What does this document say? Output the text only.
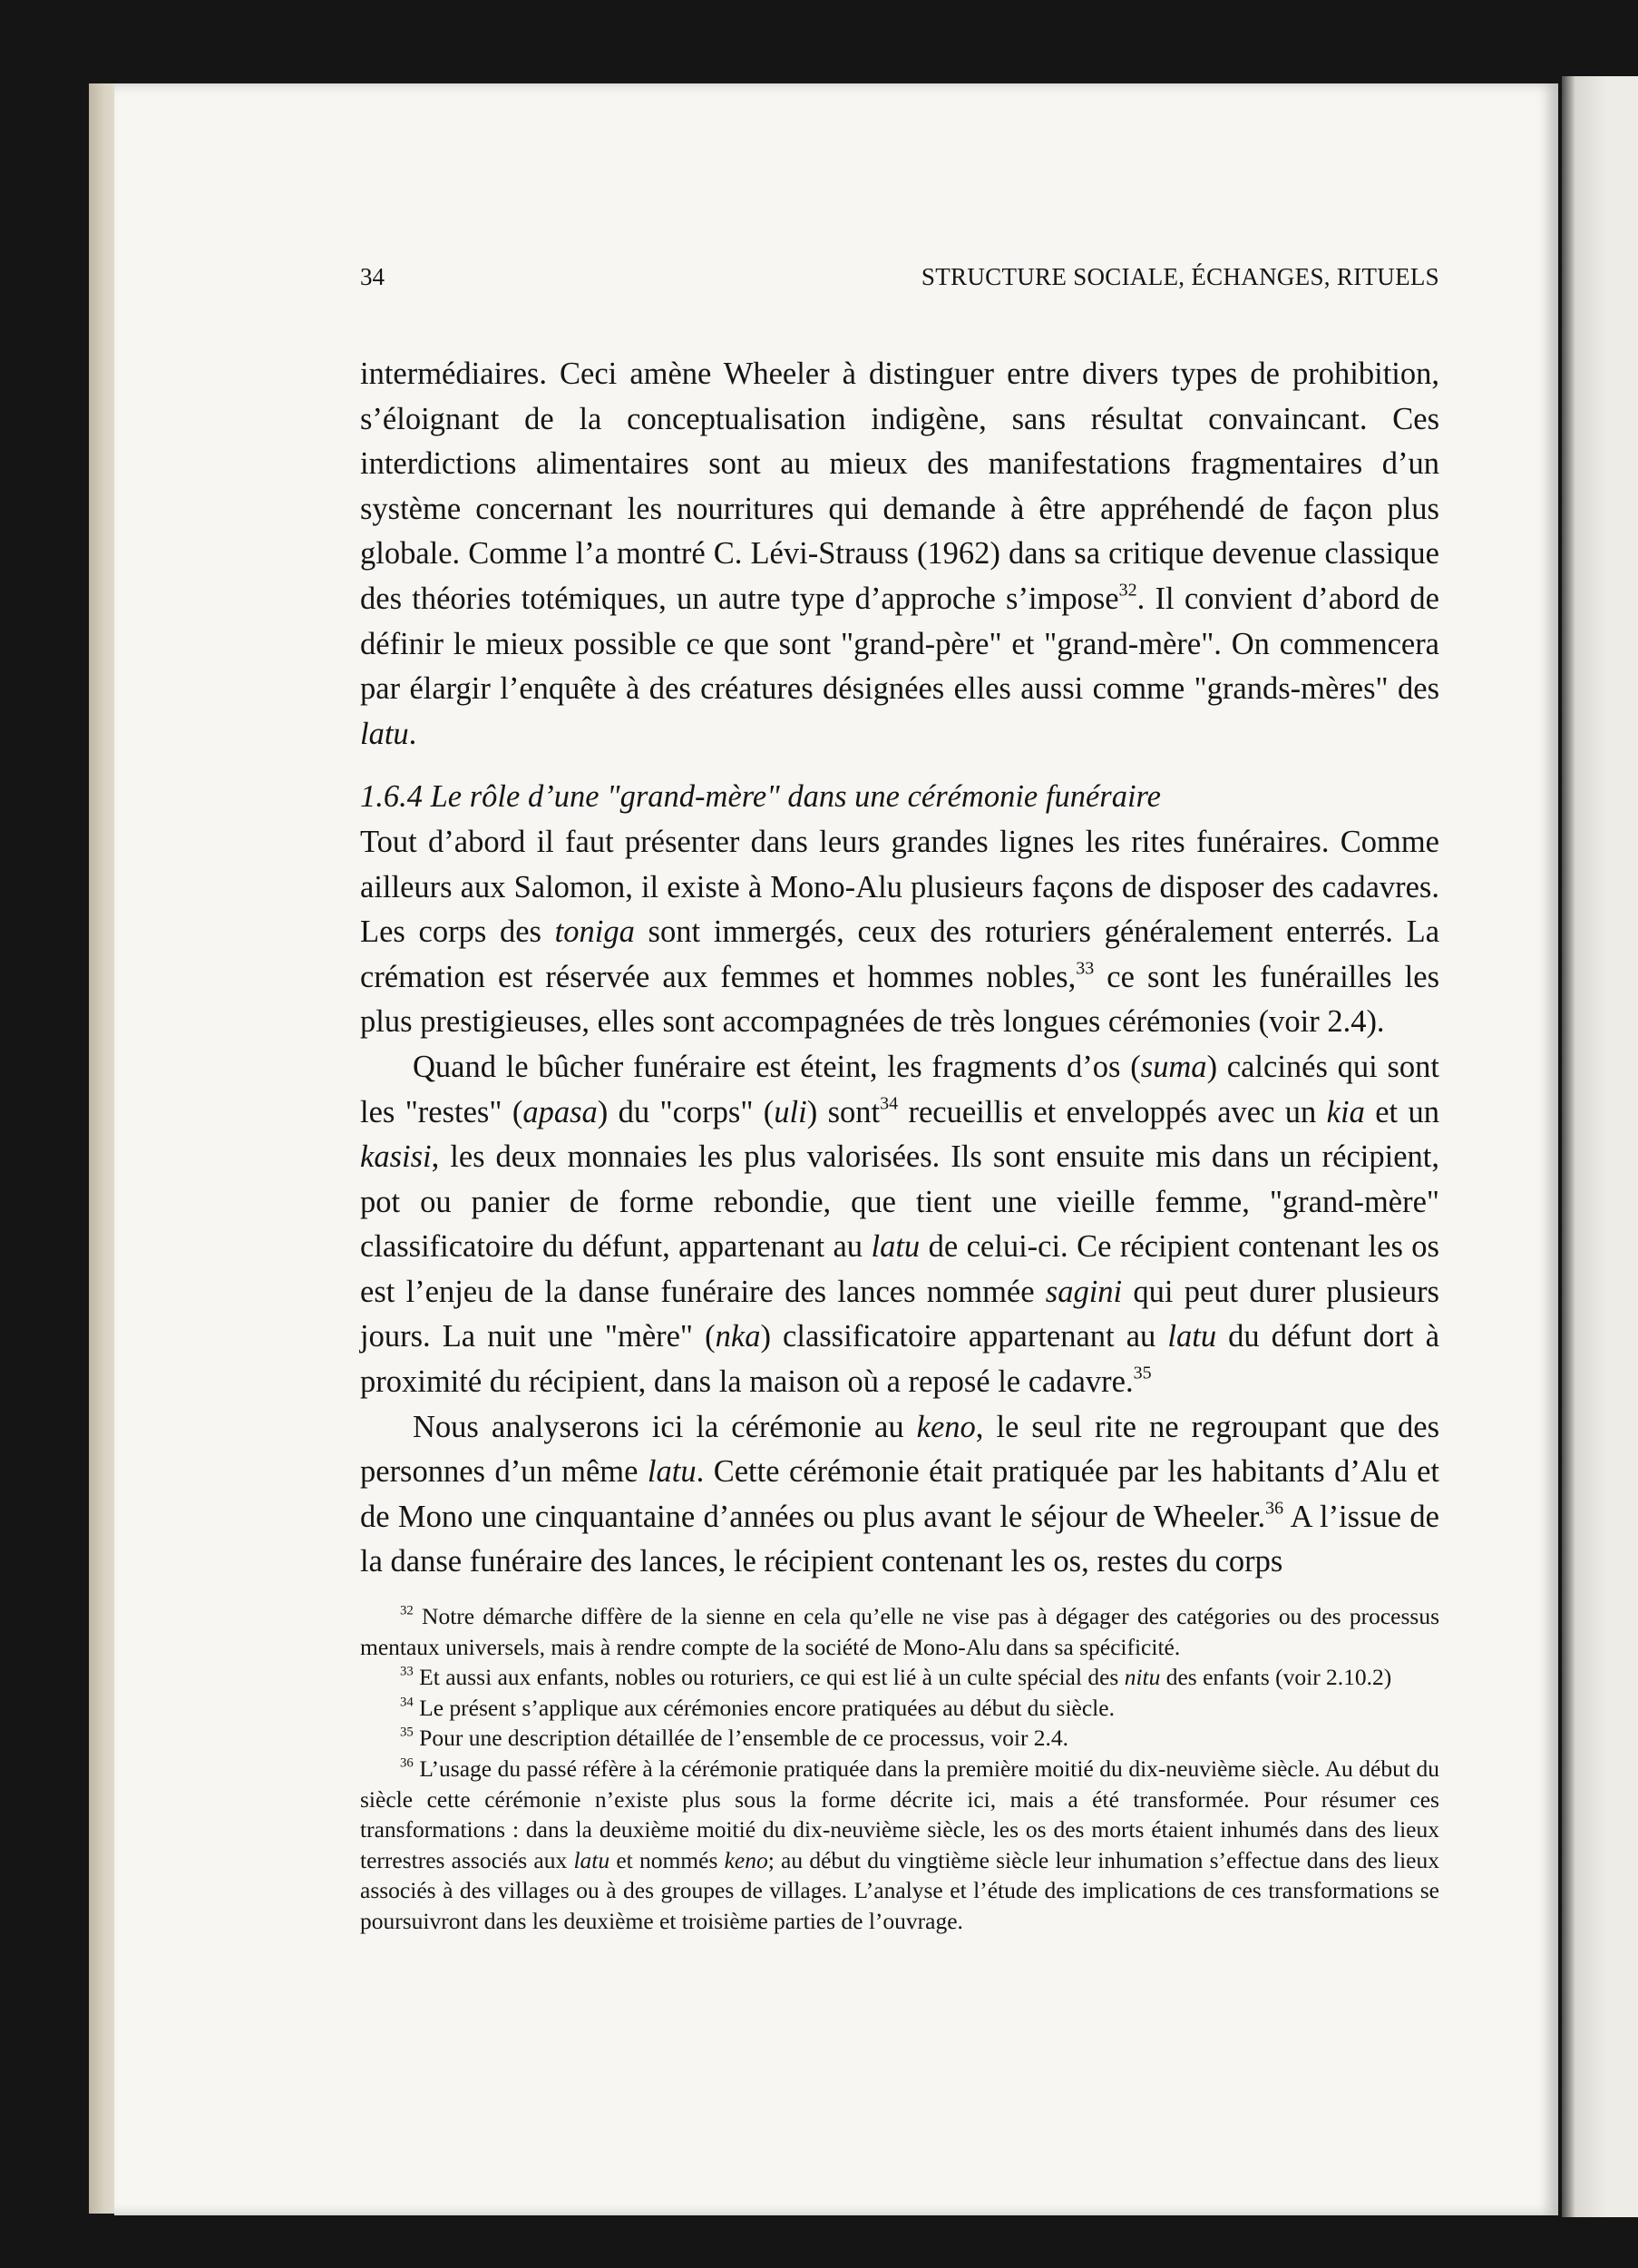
34	STRUCTURE SOCIALE, ÉCHANGES, RITUELS

intermédiaires. Ceci amène Wheeler à distinguer entre divers types de prohibition, s’éloignant de la conceptualisation indigène, sans résultat convaincant. Ces interdictions alimentaires sont au mieux des manifestations fragmentaires d’un système concernant les nourritures qui demande à être appréhendé de façon plus globale. Comme l’a montré C. Lévi-Strauss (1962) dans sa critique devenue classique des théories totémiques, un autre type d’approche s’impose$^{32}$. Il convient d’abord de définir le mieux possible ce que sont "grand-père" et "grand-mère". On commencera par élargir l’enquête à des créatures désignées elles aussi comme "grands-mères" des latu.

1.6.4 Le rôle d’une "grand-mère" dans une cérémonie funéraire

Tout d’abord il faut présenter dans leurs grandes lignes les rites funéraires. Comme ailleurs aux Salomon, il existe à Mono-Alu plusieurs façons de disposer des cadavres. Les corps des toniga sont immergés, ceux des roturiers généralement enterrés. La crémation est réservée aux femmes et hommes nobles,$^{33}$ ce sont les funérailles les plus prestigieuses, elles sont accompagnées de très longues cérémonies (voir 2.4).

Quand le bûcher funéraire est éteint, les fragments d’os (suma) calcinés qui sont les "restes" (apasa) du "corps" (uli) sont$^{34}$ recueillis et enveloppés avec un kia et un kasisi, les deux monnaies les plus valorisées. Ils sont ensuite mis dans un récipient, pot ou panier de forme rebondie, que tient une vieille femme, "grand-mère" classificatoire du défunt, appartenant au latu de celui-ci. Ce récipient contenant les os est l’enjeu de la danse funéraire des lances nommée sagini qui peut durer plusieurs jours. La nuit une "mère" (nka) classificatoire appartenant au latu du défunt dort à proximité du récipient, dans la maison où a reposé le cadavre.$^{35}$

Nous analyserons ici la cérémonie au keno, le seul rite ne regroupant que des personnes d’un même latu. Cette cérémonie était pratiquée par les habitants d’Alu et de Mono une cinquantaine d’années ou plus avant le séjour de Wheeler.$^{36}$ A l’issue de la danse funéraire des lances, le récipient contenant les os, restes du corps

$^{32}$ Notre démarche diffère de la sienne en cela qu’elle ne vise pas à dégager des catégories ou des processus mentaux universels, mais à rendre compte de la société de Mono-Alu dans sa spécificité.

$^{33}$ Et aussi aux enfants, nobles ou roturiers, ce qui est lié à un culte spécial des nitu des enfants (voir 2.10.2)

$^{34}$ Le présent s’applique aux cérémonies encore pratiquées au début du siècle.

$^{35}$ Pour une description détaillée de l’ensemble de ce processus, voir 2.4.

$^{36}$ L’usage du passé réfère à la cérémonie pratiquée dans la première moitié du dix-neuvième siècle. Au début du siècle cette cérémonie n’existe plus sous la forme décrite ici, mais a été transformée. Pour résumer ces transformations : dans la deuxième moitié du dix-neuvième siècle, les os des morts étaient inhumés dans des lieux terrestres associés aux latu et nommés keno; au début du vingtième siècle leur inhumation s’effectue dans des lieux associés à des villages ou à des groupes de villages. L’analyse et l’étude des implications de ces transformations se poursuivront dans les deuxième et troisième parties de l’ouvrage.
